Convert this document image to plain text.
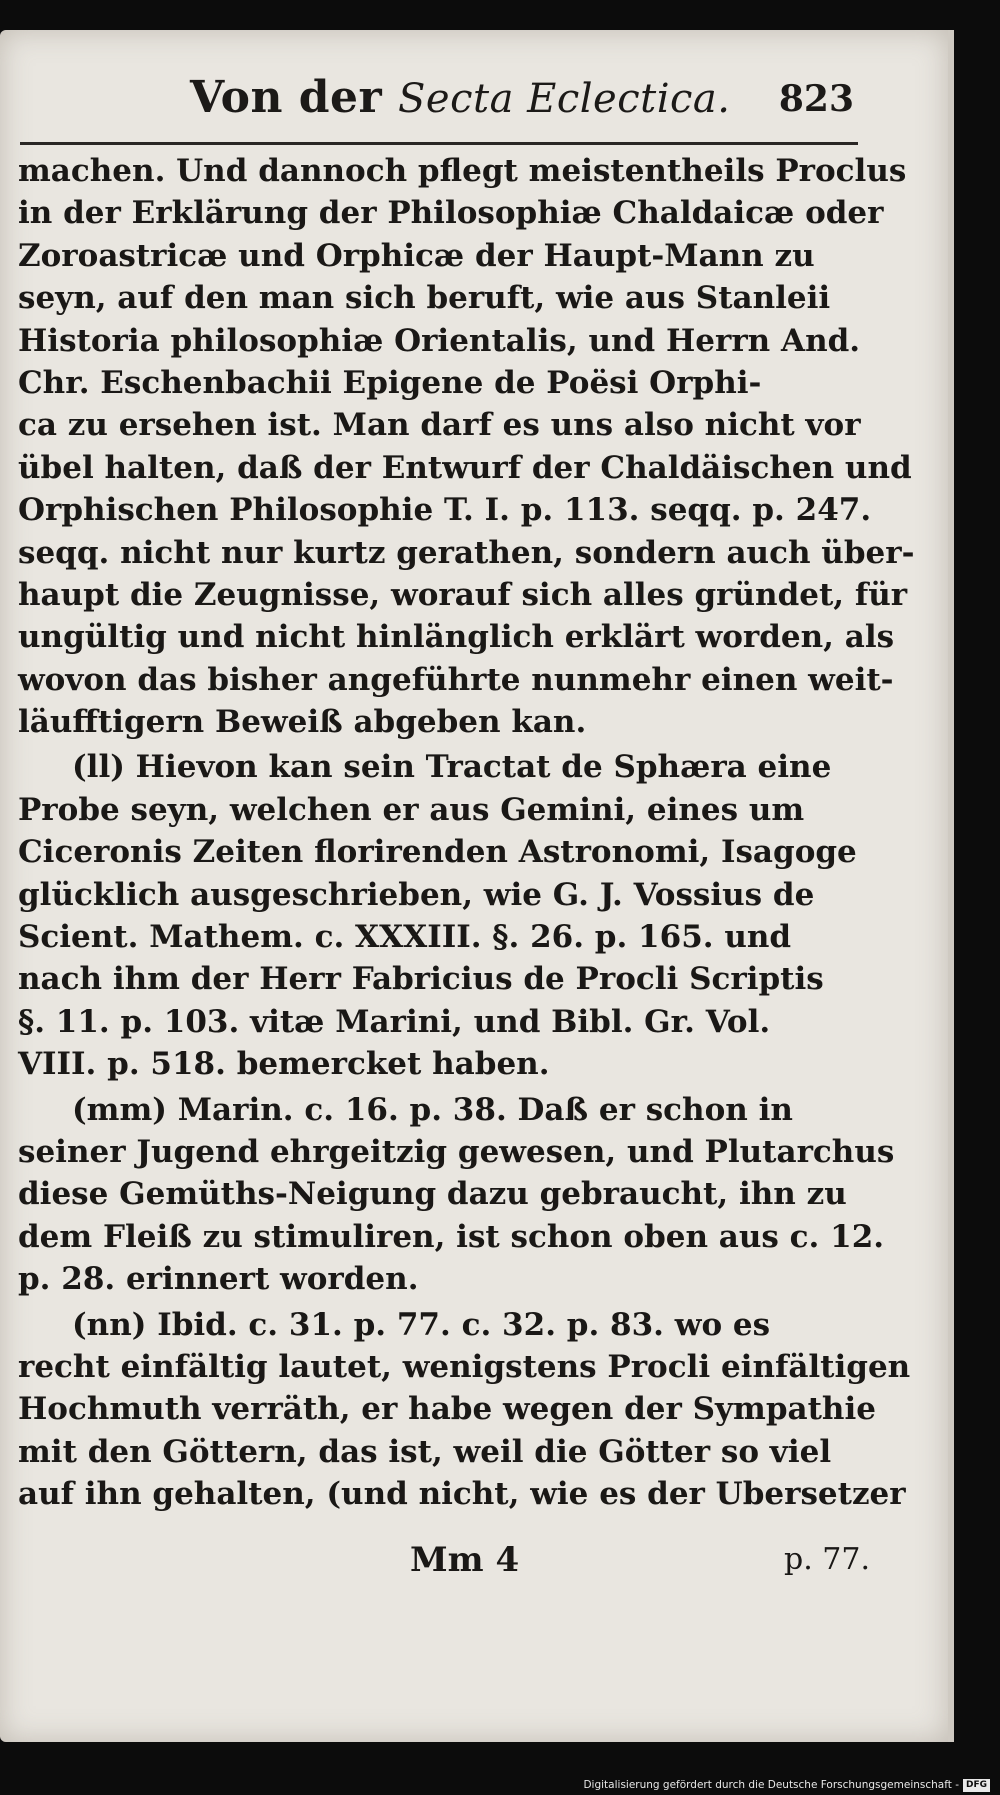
Von der Secta Eclectica. 823
machen. Und dannoch pflegt meistentheils Proclus
in der Erklärung der Philosophiæ Chaldaicæ oder
Zoroastricæ und Orphicæ der Haupt-Mann zu
seyn, auf den man sich beruft, wie aus Stanleii
Historia philosophiæ Orientalis, und Herrn And.
Chr. Eschenbachii Epigene de Poësi Orphi-
ca zu ersehen ist. Man darf es uns also nicht vor
übel halten, daß der Entwurf der Chaldäischen und
Orphischen Philosophie T. I. p. 113. seqq. p. 247.
seqq. nicht nur kurtz gerathen, sondern auch über-
haupt die Zeugnisse, worauf sich alles gründet, für
ungültig und nicht hinlänglich erklärt worden, als
wovon das bisher angeführte nunmehr einen weit-
läufftigern Beweiß abgeben kan.
(ll) Hievon kan sein Tractat de Sphæra eine
Probe seyn, welchen er aus Gemini, eines um
Ciceronis Zeiten florirenden Astronomi, Isagoge
glücklich ausgeschrieben, wie G. J. Vossius de
Scient. Mathem. c. XXXIII. §. 26. p. 165. und
nach ihm der Herr Fabricius de Procli Scriptis
§. 11. p. 103. vitæ Marini, und Bibl. Gr. Vol.
VIII. p. 518. bemercket haben.
(mm) Marin. c. 16. p. 38. Daß er schon in
seiner Jugend ehrgeitzig gewesen, und Plutarchus
diese Gemüths-Neigung dazu gebraucht, ihn zu
dem Fleiß zu stimuliren, ist schon oben aus c. 12.
p. 28. erinnert worden.
(nn) Ibid. c. 31. p. 77. c. 32. p. 83. wo es
recht einfältig lautet, wenigstens Procli einfältigen
Hochmuth verräth, er habe wegen der Sympathie
mit den Göttern, das ist, weil die Götter so viel
auf ihn gehalten, (und nicht, wie es der Ubersetzer
Mm 4	p. 77.
Digitalisierung gefördert durch die Deutsche Forschungsgemeinschaft - DFG
